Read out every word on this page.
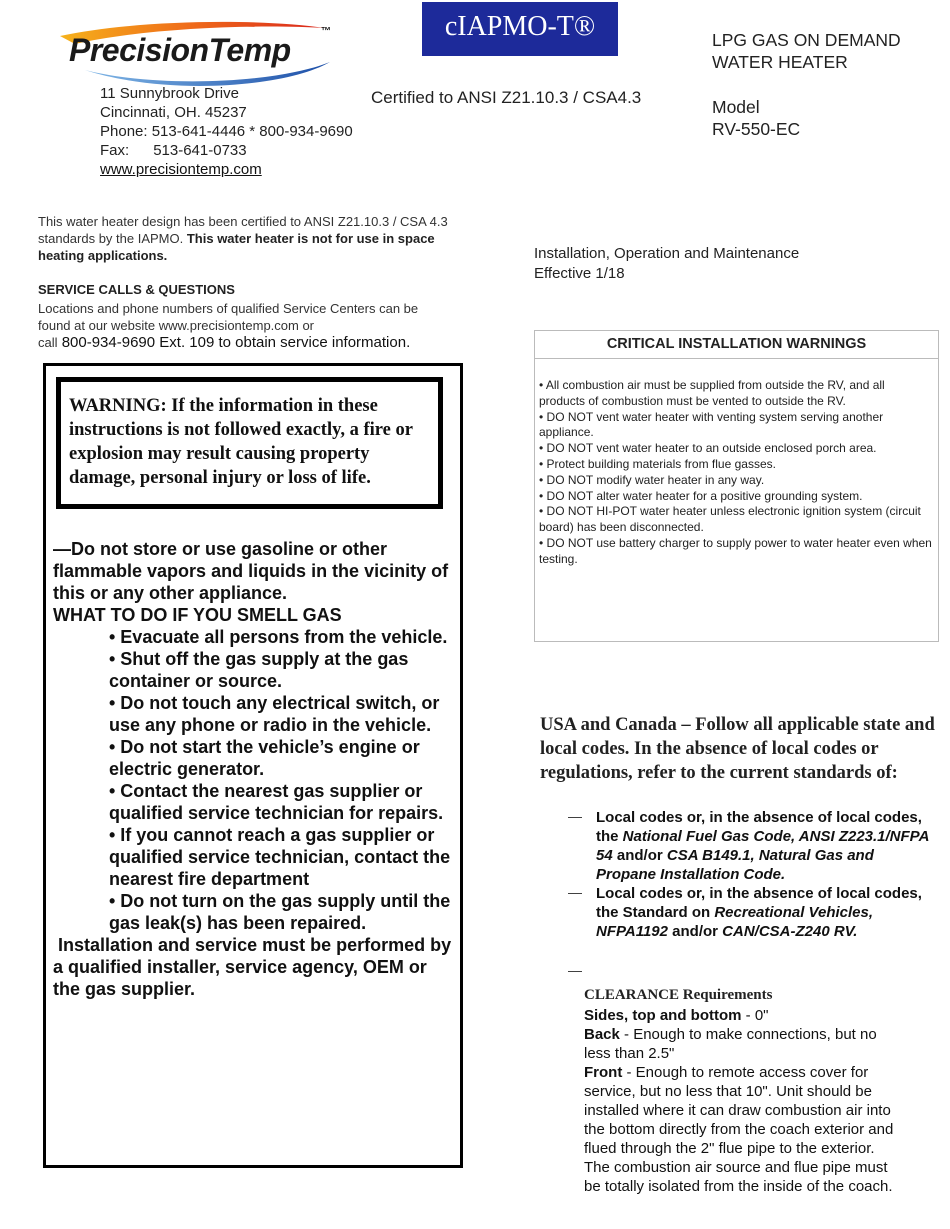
PrecisionTemp
™	cIAPMO-T®
11 Sunnybrook Drive
Cincinnati, OH. 45237
Phone: 513-641-4446 * 800-934-9690
Fax: 513-641-0733
www.precisiontemp.com
Certified to ANSI Z21.10.3 / CSA4.3
LPG GAS ON DEMAND
WATER HEATER
Model
RV-550-EC
This water heater design has been certified to ANSI Z21.10.3 / CSA 4.3 standards by the IAPMO. This water heater is not for use in space heating applications.
SERVICE CALLS & QUESTIONS
Locations and phone numbers of qualified Service Centers can be found at our website www.precisiontemp.com or
call 800-934-9690 Ext. 109 to obtain service information.
Installation, Operation and Maintenance
Effective 1/18
CRITICAL INSTALLATION WARNINGS
• All combustion air must be supplied from outside the RV, and all products of combustion must be vented to outside the RV.
• DO NOT vent water heater with venting system serving another appliance.
• DO NOT vent water heater to an outside enclosed porch area.
• Protect building materials from flue gasses.
• DO NOT modify water heater in any way.
• DO NOT alter water heater for a positive grounding system.
• DO NOT HI-POT water heater unless electronic ignition system (circuit board) has been disconnected.
• DO NOT use battery charger to supply power to water heater even when testing.
WARNING: If the information in these instructions is not followed exactly, a fire or explosion may result causing property damage, personal injury or loss of life.
—Do not store or use gasoline or other flammable vapors and liquids in the vicinity of this or any other appliance.
WHAT TO DO IF YOU SMELL GAS
• Evacuate all persons from the vehicle.
• Shut off the gas supply at the gas container or source.
• Do not touch any electrical switch, or use any phone or radio in the vehicle.
• Do not start the vehicle’s engine or electric generator.
• Contact the nearest gas supplier or qualified service technician for repairs.
• If you cannot reach a gas supplier or qualified service technician, contact the nearest fire department
• Do not turn on the gas supply until the gas leak(s) has been repaired.
Installation and service must be performed by a qualified installer, service agency, OEM or the gas supplier.
USA and Canada – Follow all applicable state and local codes. In the absence of local codes or regulations, refer to the current standards of:
— Local codes or, in the absence of local codes, the National Fuel Gas Code, ANSI Z223.1/NFPA 54 and/or CSA B149.1, Natural Gas and Propane Installation Code.
— Local codes or, in the absence of local codes, the Standard on Recreational Vehicles, NFPA1192 and/or CAN/CSA-Z240 RV.
—
CLEARANCE Requirements
Sides, top and bottom - 0"
Back - Enough to make connections, but no less than 2.5"
Front - Enough to remote access cover for service, but no less that 10". Unit should be installed where it can draw combustion air into the bottom directly from the coach exterior and flued through the 2" flue pipe to the exterior. The combustion air source and flue pipe must be totally isolated from the inside of the coach.
